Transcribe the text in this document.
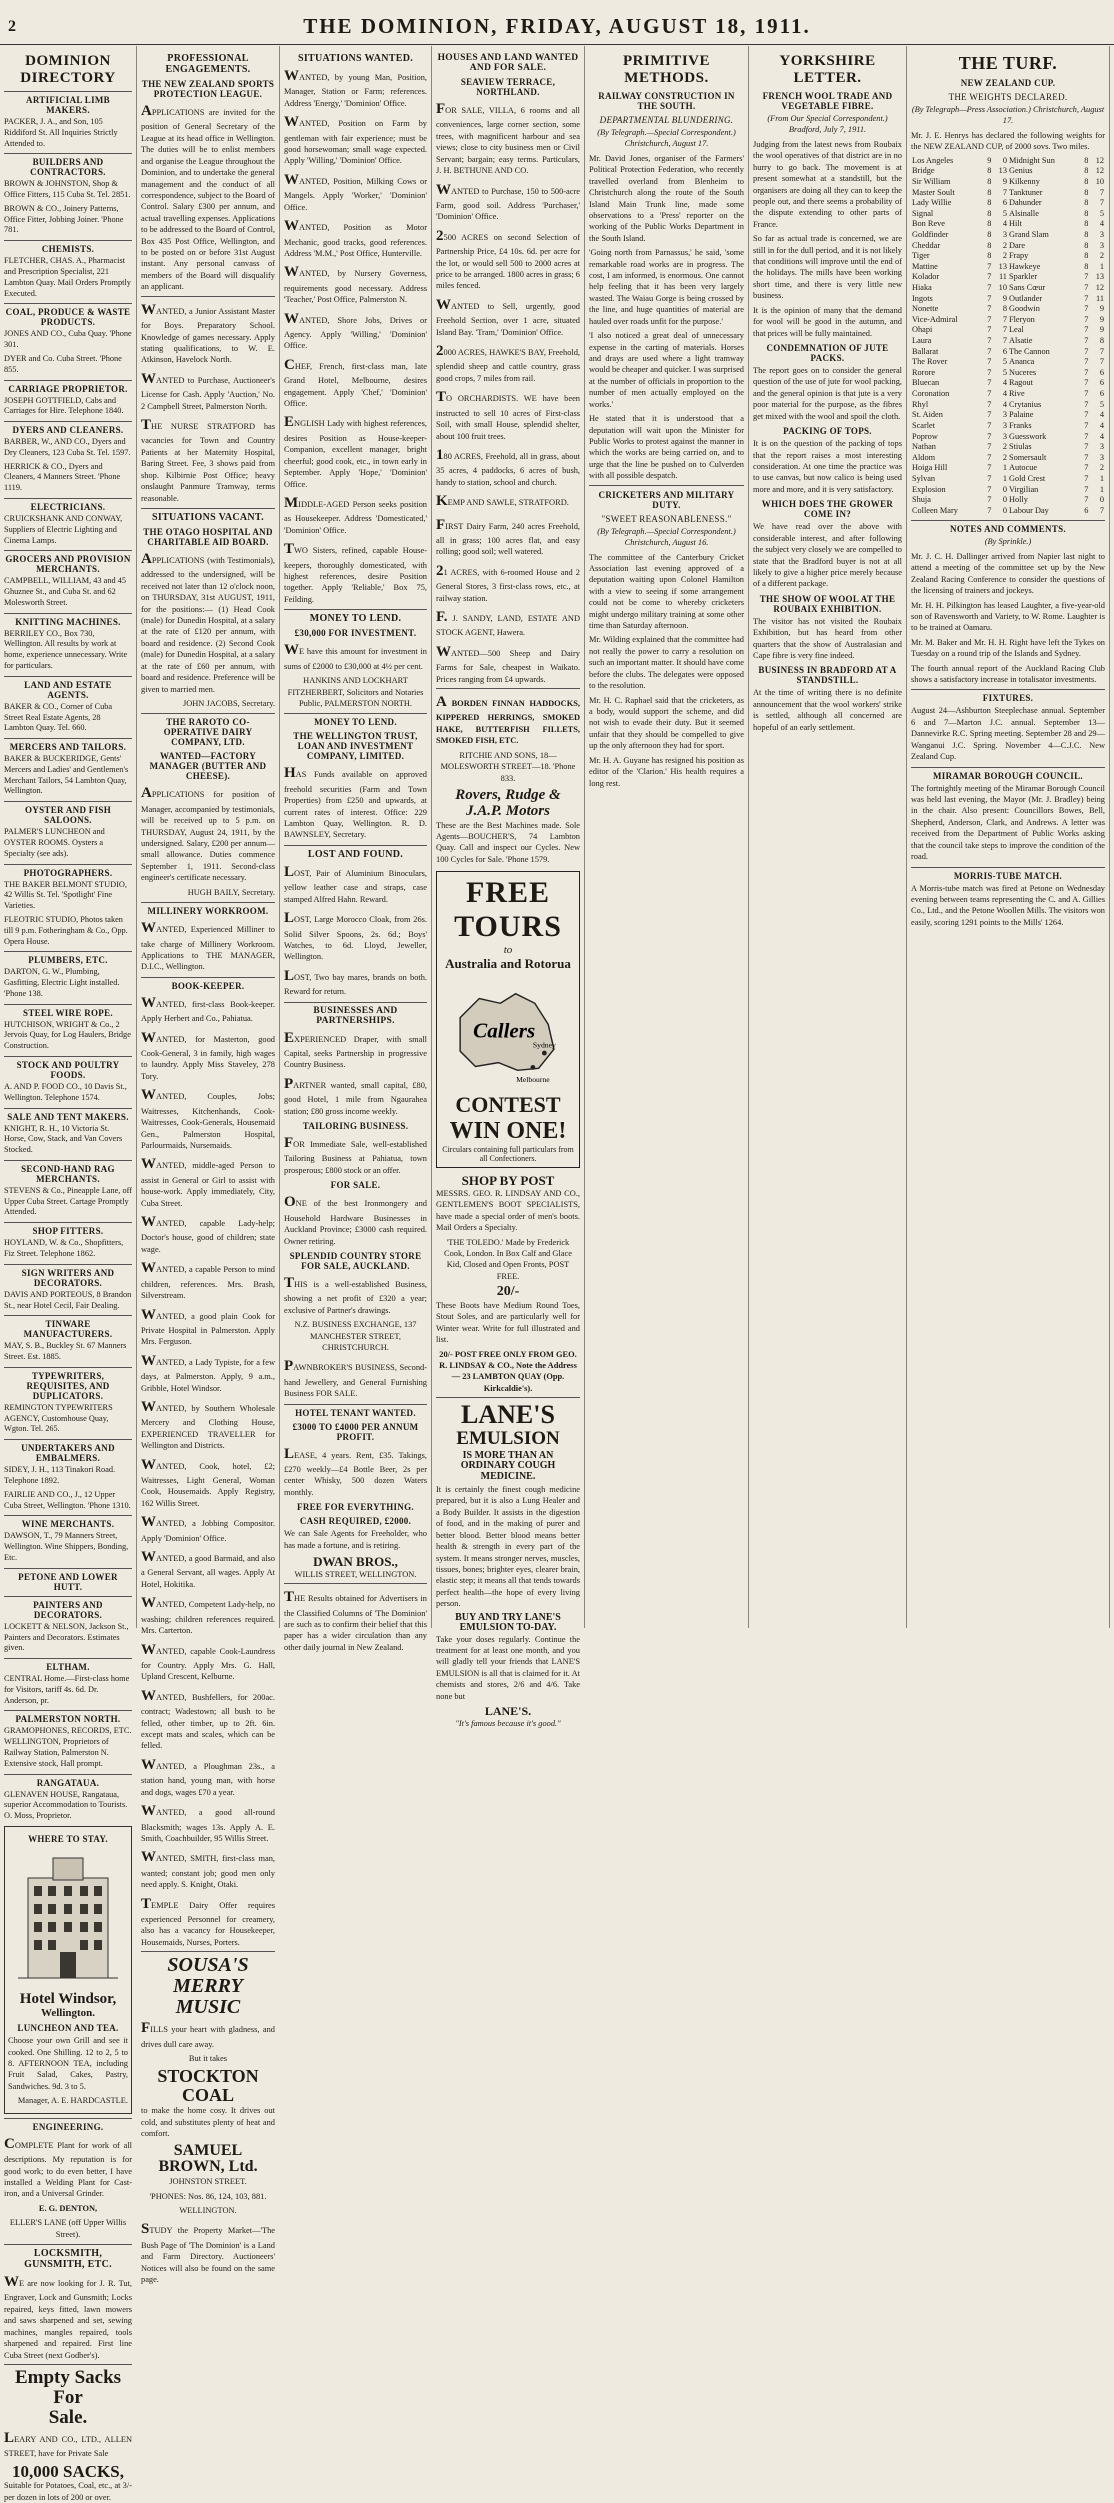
2	THE DOMINION, FRIDAY, AUGUST 18, 1911.
DOMINION DIRECTORY
ARTIFICIAL LIMB MAKERS.
PACKER, J. A., and Son, 105 Riddiford St. All Inquiries Strictly Attended to.
BUILDERS AND CONTRACTORS.
BROWN & JOHNSTON, Shop & Office Fitters, 115 Cuba St. Tel. 2851.
BROWN & CO., Joinery Patterns, Office Fitter, Jobbing Joiner. 'Phone 781.
CHEMISTS.
FLETCHER, CHAS. A., Pharmacist and Prescription Specialist, 221 Lambton Quay. Mail Orders Promptly Executed.
COAL, PRODUCE & WASTE PRODUCTS.
JONES AND CO., Cuba Quay. 'Phone 301.
DYER and Co. Cuba Street. 'Phone 855.
CARRIAGE PROPRIETOR.
JOSEPH GOTTFIELD, Cabs and Carriages for Hire. Telephone 1840.
DYERS AND CLEANERS.
BARBER, W., AND CO., Dyers and Dry Cleaners, 123 Cuba St. Tel. 1597.
HERRICK & CO., Dyers and Cleaners, 4 Manners Street. 'Phone 1119.
ELECTRICIANS.
CRUICKSHANK AND CONWAY, Suppliers of Electric Lighting and Cinema Lamps.
GROCERS AND PROVISION MERCHANTS.
CAMPBELL, WILLIAM, 43 and 45 Ghuznee St., and Cuba St. and 62 Molesworth Street.
KNITTING MACHINES.
BERRILEY CO., Box 730, Wellington. All results by work at home, experience unnecessary. Write for particulars.
LAND AND ESTATE AGENTS.
BAKER & CO., Corner of Cuba Street Real Estate Agents, 28 Lambton Quay. Tel. 660.
MERCERS AND TAILORS.
BAKER & BUCKERIDGE, Gents' Mercers and Ladies' and Gentlemen's Merchant Tailors, 54 Lambton Quay, Wellington.
OYSTER AND FISH SALOONS.
PALMER'S LUNCHEON and OYSTER ROOMS. Oysters a Specialty (see ads).
PHOTOGRAPHERS.
THE BAKER BELMONT STUDIO, 42 Willis St. Tel. 'Spotlight' Fine Varieties.
FLEOTRIC STUDIO, Photos taken till 9 p.m. Fotheringham & Co., Opp. Opera House.
PLUMBERS, ETC.
DARTON, G. W., Plumbing, Gasfitting, Electric Light installed. 'Phone 138.
STEEL WIRE ROPE.
HUTCHISON, WRIGHT & Co., 2 Jervois Quay, for Log Haulers, Bridge Construction.
STOCK AND POULTRY FOODS.
A. AND P. FOOD CO., 10 Davis St., Wellington. Telephone 1574.
SALE AND TENT MAKERS.
KNIGHT, R. H., 10 Victoria St. Horse, Cow, Stack, and Van Covers Stocked.
SECOND-HAND RAG MERCHANTS.
STEVENS & Co., Pineapple Lane, off Upper Cuba Street. Cartage Promptly Attended.
SHOP FITTERS.
HOYLAND, W. & Co., Shopfitters, Fiz Street. Telephone 1862.
SIGN WRITERS AND DECORATORS.
DAVIS AND PORTEOUS, 8 Brandon St., near Hotel Cecil, Fair Dealing.
TINWARE MANUFACTURERS.
MAY, S. B., Buckley St. 67 Manners Street. Est. 1885.
TYPEWRITERS, REQUISITES, AND DUPLICATORS.
REMINGTON TYPEWRITERS AGENCY, Customhouse Quay, Wgton. Tel. 265.
UNDERTAKERS AND EMBALMERS.
SIDEY, J. H., 113 Tinakori Road. Telephone 1892.
FAIRLIE AND CO., J., 12 Upper Cuba Street, Wellington. 'Phone 1310.
WINE MERCHANTS.
DAWSON, T., 79 Manners Street, Wellington. Wine Shippers, Bonding, Etc.
PETONE AND LOWER HUTT.
PAINTERS AND DECORATORS.
LOCKETT & NELSON, Jackson St., Painters and Decorators. Estimates given.
ELTHAM.
CENTRAL Home.—First-class home for Visitors, tariff 4s. 6d. Dr. Anderson, pr.
PALMERSTON NORTH.
GRAMOPHONES, RECORDS, ETC. WELLINGTON, Proprietors of Railway Station, Palmerston N. Extensive stock, Hall prompt.
RANGATAUA.
GLENAVEN HOUSE, Rangataua, superior Accommodation to Tourists. O. Moss, Proprietor.
WHERE TO STAY.
Hotel Windsor,
Wellington.
LUNCHEON AND TEA.
Choose your own Grill and see it cooked. One Shilling. 12 to 2, 5 to 8. AFTERNOON TEA, including Fruit Salad, Cakes, Pastry, Sandwiches. 9d. 3 to 5.
Manager, A. E. HARDCASTLE.
ENGINEERING.
COMPLETE Plant for work of all descriptions. My reputation is for good work; to do even better, I have installed a Welding Plant for Cast-iron, and a Universal Grinder.
E. G. DENTON,
ELLER'S LANE (off Upper Willis Street).
LOCKSMITH, GUNSMITH, ETC.
WE are now looking for J. R. Tut, Engraver, Lock and Gunsmith; Locks repaired, keys fitted, lawn mowers and saws sharpened and set, sewing machines, mangles repaired, tools sharpened and repaired. First line Cuba Street (next Godber's).
Empty Sacks For
Sale.
LEARY AND CO., LTD., ALLEN STREET, have for Private Sale
10,000 SACKS,
Suitable for Potatoes, Coal, etc., at 3/- per dozen in lots of 200 or over.
PROFESSIONAL ENGAGEMENTS.
THE NEW ZEALAND SPORTS PROTECTION LEAGUE.
APPLICATIONS are invited for the position of General Secretary of the League at its head office in Wellington. The duties will be to enlist members and organise the League throughout the Dominion, and to undertake the general management and the conduct of all correspondence, subject to the Board of Control. Salary £300 per annum, and actual travelling expenses. Applications to be addressed to the Board of Control, Box 435 Post Office, Wellington, and to be posted on or before 31st August instant. Any personal canvass of members of the Board will disqualify an applicant.
WANTED, a Junior Assistant Master for Boys. Preparatory School. Knowledge of games necessary. Apply stating qualifications, to W. E. Atkinson, Havelock North.
WANTED to Purchase, Auctioneer's License for Cash. Apply 'Auction,' No. 2 Campbell Street, Palmerston North.
THE NURSE STRATFORD has vacancies for Town and Country Patients at her Maternity Hospital, Baring Street. Fee, 3 shows paid from shop. Kilbirnie Post Office; heavy onslaught Panmure Tramway, terms reasonable.
SITUATIONS VACANT.
THE OTAGO HOSPITAL AND CHARITABLE AID BOARD.
APPLICATIONS (with Testimonials), addressed to the undersigned, will be received not later than 12 o'clock noon, on THURSDAY, 31st AUGUST, 1911, for the positions:— (1) Head Cook (male) for Dunedin Hospital, at a salary at the rate of £120 per annum, with board and residence. (2) Second Cook (male) for Dunedin Hospital, at a salary at the rate of £60 per annum, with board and residence. Preference will be given to married men.
JOHN JACOBS, Secretary.
THE RAROTO CO-OPERATIVE DAIRY COMPANY, LTD.
WANTED—FACTORY MANAGER (BUTTER AND CHEESE).
APPLICATIONS for position of Manager, accompanied by testimonials, will be received up to 5 p.m. on THURSDAY, August 24, 1911, by the undersigned. Salary, £200 per annum—small allowance. Duties commence September 1, 1911. Second-class engineer's certificate necessary.
HUGH BAILY, Secretary.
MILLINERY WORKROOM.
WANTED, Experienced Milliner to take charge of Millinery Workroom. Applications to THE MANAGER, D.I.C., Wellington.
BOOK-KEEPER.
WANTED, first-class Book-keeper. Apply Herbert and Co., Pahiatua.
WANTED, for Masterton, good Cook-General, 3 in family, high wages to laundry. Apply Miss Staveley, 278 Tory.
WANTED, Couples, Jobs; Waitresses, Kitchenhands, Cook-Waitresses, Cook-Generals, Housemaid Gen., Palmerston Hospital, Parlourmaids, Nursemaids.
WANTED, middle-aged Person to assist in General or Girl to assist with house-work. Apply immediately, City, Cuba Street.
WANTED, capable Lady-help; Doctor's house, good of children; state wage.
WANTED, a capable Person to mind children, references. Mrs. Brash, Silverstream.
WANTED, a good plain Cook for Private Hospital in Palmerston. Apply Mrs. Ferguson.
WANTED, a Lady Typiste, for a few days, at Palmerston. Apply, 9 a.m., Gribble, Hotel Windsor.
WANTED, by Southern Wholesale Mercery and Clothing House, EXPERIENCED TRAVELLER for Wellington and Districts.
WANTED, Cook, hotel, £2; Waitresses, Light General, Woman Cook, Housemaids. Apply Registry, 162 Willis Street.
WANTED, a Jobbing Compositor. Apply 'Dominion' Office.
WANTED, a good Barmaid, and also a General Servant, all wages. Apply At Hotel, Hokitika.
WANTED, Competent Lady-help, no washing; children references required. Mrs. Carterton.
WANTED, capable Cook-Laundress for Country. Apply Mrs. G. Hall, Upland Crescent, Kelburne.
WANTED, Bushfellers, for 200ac. contract; Wadestown; all bush to be felled, other timber, up to 2ft. 6in. except mats and scales, which can be felled.
WANTED, a Ploughman 23s., a station hand, young man, with horse and dogs, wages £70 a year.
WANTED, a good all-round Blacksmith; wages 13s. Apply A. E. Smith, Coachbuilder, 95 Willis Street.
WANTED, SMITH, first-class man, wanted; constant job; good men only need apply. S. Knight, Otaki.
TEMPLE Dairy Offer requires experienced Personnel for creamery, also has a vacancy for Housekeeper, Housemaids, Nurses, Porters.
SOUSA'S
MERRY
MUSIC
FILLS your heart with gladness, and drives dull care away.
But it takes
STOCKTON COAL
to make the home cosy. It drives out cold, and substitutes plenty of heat and comfort.
SAMUEL BROWN, Ltd.
JOHNSTON STREET.
'PHONES: Nos. 86, 124, 103, 881.
WELLINGTON.
STUDY the Property Market—'The Bush Page of 'The Dominion' is a Land and Farm Directory. Auctioneers' Notices will also be found on the same page.
SITUATIONS WANTED.
WANTED, by young Man, Position, Manager, Station or Farm; references. Address 'Energy,' 'Dominion' Office.
WANTED, Position on Farm by gentleman with fair experience; must be good horsewoman; small wage expected. Apply 'Willing,' 'Dominion' Office.
WANTED, Position, Milking Cows or Mangels. Apply 'Worker,' 'Dominion' Office.
WANTED, Position as Motor Mechanic, good tracks, good references. Address 'M.M.,' Post Office, Hunterville.
WANTED, by Nursery Governess, requirements good necessary. Address 'Teacher,' Post Office, Palmerston N.
WANTED, Shore Jobs, Drives or Agency. Apply 'Willing,' 'Dominion' Office.
CHEF, French, first-class man, late Grand Hotel, Melbourne, desires engagement. Apply 'Chef,' 'Dominion' Office.
ENGLISH Lady with highest references, desires Position as House-keeper-Companion, excellent manager, bright cheerful; good cook, etc., in town early in September. Apply 'Hope,' 'Dominion' Office.
MIDDLE-AGED Person seeks position as Housekeeper. Address 'Domesticated,' 'Dominion' Office.
TWO Sisters, refined, capable House-keepers, thoroughly domesticated, with highest references, desire Position together. Apply 'Reliable,' Box 75, Feilding.
MONEY TO LEND.
£30,000 FOR INVESTMENT.
WE have this amount for investment in sums of £2000 to £30,000 at 4½ per cent.
HANKINS AND LOCKHART FITZHERBERT, Solicitors and Notaries Public, PALMERSTON NORTH.
MONEY TO LEND.
THE WELLINGTON TRUST, LOAN AND INVESTMENT COMPANY, LIMITED.
HAS Funds available on approved freehold securities (Farm and Town Properties) from £250 and upwards, at current rates of interest. Office: 229 Lambton Quay, Wellington. R. D. BAWNSLEY, Secretary.
LOST AND FOUND.
LOST, Pair of Aluminium Binoculars, yellow leather case and straps, case stamped Alfred Hahn. Reward.
LOST, Large Morocco Cloak, from 26s. Solid Silver Spoons, 2s. 6d.; Boys' Watches, to 6d. Lloyd, Jeweller, Wellington.
LOST, Two bay mares, brands on both. Reward for return.
BUSINESSES AND PARTNERSHIPS.
EXPERIENCED Draper, with small Capital, seeks Partnership in progressive Country Business.
PARTNER wanted, small capital, £80, good Hotel, 1 mile from Ngaurahea station; £80 gross income weekly.
TAILORING BUSINESS.
FOR Immediate Sale, well-established Tailoring Business at Pahiatua, town prosperous; £800 stock or an offer.
FOR SALE.
ONE of the best Ironmongery and Household Hardware Businesses in Auckland Province; £3000 cash required. Owner retiring.
SPLENDID COUNTRY STORE FOR SALE, AUCKLAND.
THIS is a well-established Business, showing a net profit of £320 a year; exclusive of Partner's drawings.
N.Z. BUSINESS EXCHANGE, 137 MANCHESTER STREET, CHRISTCHURCH.
PAWNBROKER'S BUSINESS, Second-hand Jewellery, and General Furnishing Business FOR SALE.
HOTEL TENANT WANTED.
£3000 TO £4000 PER ANNUM PROFIT.
LEASE, 4 years. Rent, £35. Takings, £270 weekly—£4 Bottle Beer, 2s per center Whisky, 500 dozen Waters monthly.
FREE FOR EVERYTHING.
CASH REQUIRED, £2000.
We can Sale Agents for Freeholder, who has made a fortune, and is retiring.
DWAN BROS.,
WILLIS STREET, WELLINGTON.
THE Results obtained for Advertisers in the Classified Columns of 'The Dominion' are such as to confirm their belief that this paper has a wider circulation than any other daily journal in New Zealand.
HOUSES AND LAND WANTED AND FOR SALE.
SEAVIEW TERRACE, NORTHLAND.
FOR SALE, VILLA, 6 rooms and all conveniences, large corner section, some trees, with magnificent harbour and sea views; close to city business men or Civil Servant; bargain; easy terms. Particulars, J. H. BETHUNE AND CO.
WANTED to Purchase, 150 to 500-acre Farm, good soil. Address 'Purchaser,' 'Dominion' Office.
2500 ACRES on second Selection of Partnership Price, £4 10s. 6d. per acre for the lot, or would sell 500 to 2000 acres at price to be arranged. 1800 acres in grass; 6 miles fenced.
WANTED to Sell, urgently, good Freehold Section, over 1 acre, situated Island Bay. 'Tram,' 'Dominion' Office.
2000 ACRES, HAWKE'S BAY, Freehold, splendid sheep and cattle country, grass good crops, 7 miles from rail.
TO ORCHARDISTS. WE have been instructed to sell 10 acres of First-class Soil, with small House, splendid shelter, about 100 fruit trees.
180 ACRES, Freehold, all in grass, about 35 acres, 4 paddocks, 6 acres of bush, handy to station, school and church.
KEMP AND SAWLE, STRATFORD.
FIRST Dairy Farm, 240 acres Freehold, all in grass; 100 acres flat, and easy rolling; good soil; well watered.
21 ACRES, with 6-roomed House and 2 General Stores, 3 first-class rows, etc., at railway station.
F. J. SANDY, LAND, ESTATE AND STOCK AGENT, Hawera.
WANTED—500 Sheep and Dairy Farms for Sale, cheapest in Waikato. Prices ranging from £4 upwards.
A BORDEN FINNAN HADDOCKS, KIPPERED HERRINGS, SMOKED HAKE, BUTTERFISH FILLETS, SMOKED FISH, ETC.
RITCHIE AND SONS, 18—MOLESWORTH STREET—18. 'Phone 833.
Rovers, Rudge & J.A.P. Motors
These are the Best Machines made. Sole Agents—BOUCHER'S, 74 Lambton Quay. Call and inspect our Cycles. New 100 Cycles for Sale. 'Phone 1579.
FREE TOURS
to
Australia and Rotorua
Sydney
Melbourne
Callers
CONTEST
WIN ONE!
Circulars containing full particulars from all Confectioners.
SHOP BY POST
MESSRS. GEO. R. LINDSAY AND CO., GENTLEMEN'S BOOT SPECIALISTS, have made a special order of men's boots. Mail Orders a Specialty.
'THE TOLEDO.' Made by Frederick Cook, London. In Box Calf and Glace Kid, Closed and Open Fronts, POST FREE.
20/-
These Boots have Medium Round Toes, Stout Soles, and are particularly well for Winter wear. Write for full illustrated and list.
20/- POST FREE ONLY FROM GEO. R. LINDSAY & CO., Note the Address— 23 LAMBTON QUAY (Opp. Kirkcaldie's).
LANE'S
EMULSION
IS MORE THAN AN ORDINARY COUGH MEDICINE.
It is certainly the finest cough medicine prepared, but it is also a Lung Healer and a Body Builder. It assists in the digestion of food, and in the making of purer and better blood. Better blood means better health & strength in every part of the system. It means stronger nerves, muscles, tissues, bones; brighter eyes, clearer brain, elastic step; it means all that tends towards perfect health—the hope of every living person.
BUY AND TRY LANE'S EMULSION TO-DAY.
Take your doses regularly. Continue the treatment for at least one month, and you will gladly tell your friends that LANE'S EMULSION is all that is claimed for it. At chemists and stores, 2/6 and 4/6. Take none but
LANE'S.
"It's famous because it's good."
PRIMITIVE METHODS.
RAILWAY CONSTRUCTION IN THE SOUTH.
DEPARTMENTAL BLUNDERING.
(By Telegraph.—Special Correspondent.) Christchurch, August 17.
Mr. David Jones, organiser of the Farmers' Political Protection Federation, who recently travelled overland from Blenheim to Christchurch along the route of the South Island Main Trunk line, made some observations to a 'Press' reporter on the working of the Public Works Department in the South Island.
'Going north from Parnassus,' he said, 'some remarkable road works are in progress. The cost, I am informed, is enormous. One cannot help feeling that it has been very largely wasted. The Waiau Gorge is being crossed by the line, and huge quantities of material are hauled over roads unfit for the purpose.'
'I also noticed a great deal of unnecessary expense in the carting of materials. Horses and drays are used where a light tramway would be cheaper and quicker. I was surprised at the number of officials in proportion to the number of men actually employed on the works.'
He stated that it is understood that a deputation will wait upon the Minister for Public Works to protest against the manner in which the works are being carried on, and to urge that the line be pushed on to Culverden with all possible despatch.
CRICKETERS AND MILITARY DUTY.
"SWEET REASONABLENESS."
(By Telegraph.—Special Correspondent.) Christchurch, August 16.
The committee of the Canterbury Cricket Association last evening approved of a deputation waiting upon Colonel Hamilton with a view to seeing if some arrangement could not be come to whereby cricketers might undergo military training at some other time than Saturday afternoon.
Mr. Wilding explained that the committee had not really the power to carry a resolution on such an important matter. It should have come before the clubs. The delegates were opposed to the resolution.
Mr. H. C. Raphael said that the cricketers, as a body, would support the scheme, and did not wish to evade their duty. But it seemed unfair that they should be compelled to give up the only afternoon they had for sport.
Mr. H. A. Guyane has resigned his position as editor of the 'Clarion.' His health requires a long rest.
YORKSHIRE LETTER.
FRENCH WOOL TRADE AND VEGETABLE FIBRE.
(From Our Special Correspondent.) Bradford, July 7, 1911.
Judging from the latest news from Roubaix the wool operatives of that district are in no hurry to go back. The movement is at present somewhat at a standstill, but the organisers are doing all they can to keep the people out, and there seems a probability of the dispute extending to other parts of France.
So far as actual trade is concerned, we are still in for the dull period, and it is not likely that conditions will improve until the end of the holidays. The mills have been working short time, and there is very little new business.
It is the opinion of many that the demand for wool will be good in the autumn, and that prices will be fully maintained.
CONDEMNATION OF JUTE PACKS.
The report goes on to consider the general question of the use of jute for wool packing, and the general opinion is that jute is a very poor material for the purpose, as the fibres get mixed with the wool and spoil the cloth.
PACKING OF TOPS.
It is on the question of the packing of tops that the report raises a most interesting consideration. At one time the practice was to use canvas, but now calico is being used more and more, and it is very satisfactory.
WHICH DOES THE GROWER COME IN?
We have read over the above with considerable interest, and after following the subject very closely we are compelled to state that the Bradford buyer is not at all likely to give a higher price merely because of a different package.
THE SHOW OF WOOL AT THE ROUBAIX EXHIBITION.
The visitor has not visited the Roubaix Exhibition, but has heard from other quarters that the show of Australasian and Cape fibre is very fine indeed.
BUSINESS IN BRADFORD AT A STANDSTILL.
At the time of writing there is no definite announcement that the wool workers' strike is settled, although all concerned are hopeful of an early settlement.
THE TURF.
NEW ZEALAND CUP.
THE WEIGHTS DECLARED.
(By Telegraph—Press Association.) Christchurch, August 17.
Mr. J. E. Henrys has declared the following weights for the NEW ZEALAND CUP, of 2000 sovs. Two miles.
Los Angeles	9	0	Midnight Sun	8	12
Bridge	8	13	Genius	8	12
Sir William	8	9	Kilkenny	8	10
Master Soult	8	7	Tanktuner	8	7
Lady Willie	8	6	Dahunder	8	7
Signal	8	5	Alsinalle	8	5
Bon Reve	8	4	Hilt	8	4
Goldfinder	8	3	Grand Slam	8	3
Cheddar	8	2	Dare	8	3
Tiger	8	2	Frapy	8	2
Mattine	7	13	Hawkeye	8	1
Kolador	7	11	Sparkler	7	13
Hiaka	7	10	Sans Cœur	7	12
Ingots	7	9	Outlander	7	11
Nonette	7	8	Goodwin	7	9
Vice-Admiral	7	7	Fleryon	7	9
Ohapi	7	7	Leal	7	9
Laura	7	7	Alsatie	7	8
Ballarat	7	6	The Cannon	7	7
The Rover	7	5	Ananca	7	7
Rorore	7	5	Nuceres	7	6
Bluecan	7	4	Ragout	7	6
Coronation	7	4	Rive	7	6
Rhyl	7	4	Crytanius	7	5
St. Aiden	7	3	Palaine	7	4
Scarlet	7	3	Franks	7	4
Poprow	7	3	Guesswork	7	4
Nathan	7	2	Stiulas	7	3
Aldom	7	2	Somersault	7	3
Hoiga Hill	7	1	Autocue	7	2
Sylvan	7	1	Gold Crest	7	1
Explosion	7	0	Virgilian	7	1
Shuja	7	0	Holly	7	0
Colleen Mary	7	0	Labour Day	6	7
NOTES AND COMMENTS.
(By Sprinkle.)
Mr. J. C. H. Dallinger arrived from Napier last night to attend a meeting of the committee set up by the New Zealand Racing Conference to consider the questions of the licensing of trainers and jockeys.
Mr. H. H. Pilkington has leased Laughter, a five-year-old son of Ravensworth and Variety, to W. Rome. Laughter is to be trained at Oamaru.
Mr. M. Baker and Mr. H. H. Right have left the Tykes on Tuesday on a round trip of the Islands and Sydney.
The fourth annual report of the Auckland Racing Club shows a satisfactory increase in totalisator investments.
FIXTURES.
August 24—Ashburton Steeplechase annual. September 6 and 7—Marton J.C. annual. September 13—Dannevirke R.C. Spring meeting. September 28 and 29—Wanganui J.C. Spring. November 4—C.J.C. New Zealand Cup.
MIRAMAR BOROUGH COUNCIL.
The fortnightly meeting of the Miramar Borough Council was held last evening, the Mayor (Mr. J. Bradley) being in the chair. Also present: Councillors Bowes, Bell, Shepherd, Anderson, Clark, and Andrews. A letter was received from the Department of Public Works asking that the council take steps to improve the condition of the road.
MORRIS-TUBE MATCH.
A Morris-tube match was fired at Petone on Wednesday evening between teams representing the C. and A. Gillies Co., Ltd., and the Petone Woollen Mills. The visitors won easily, scoring 1291 points to the Mills' 1264.
